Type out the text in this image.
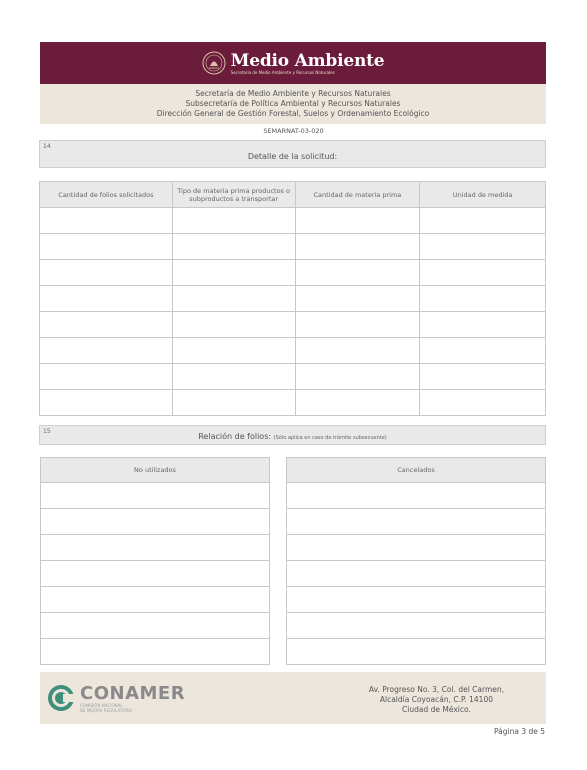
Medio Ambiente
Secretaría de Medio Ambiente y Recursos Naturales
Secretaría de Medio Ambiente y Recursos Naturales
Subsecretaría de Política Ambiental y Recursos Naturales
Dirección General de Gestión Forestal, Suelos y Ordenamiento Ecológico
SEMARNAT-03-020
14
Detalle de la solicitud:
Cantidad de folios solicitados	Tipo de materia prima productos o subproductos a transportar	Cantidad de materia prima	Unidad de medida

15
Relación de folios: (Sólo aplica en caso de trámite subsecuente)
No utilizados	Cancelados

CONAMER
COMISIÓN NACIONAL
DE MEJORA REGULATORIA
Av. Progreso No. 3, Col. del Carmen,
Alcaldía Coyoacán, C.P. 14100
Ciudad de México.
Página 3 de 5
